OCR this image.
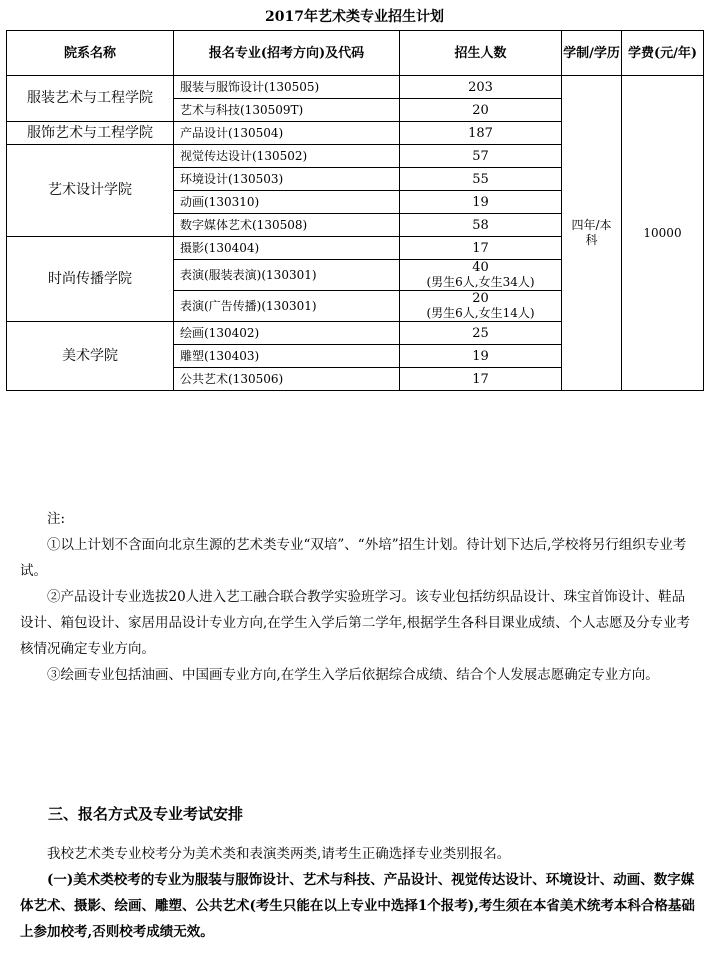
2017年艺术类专业招生计划
院系名称	报名专业(招考方向)及代码	招生人数	学制/学历	学费(元/年)
服装艺术与工程学院	服装与服饰设计(130505)	203	四年/本科	10000
	艺术与科技(130509T)	20		

服饰艺术与工程学院	产品设计(130504)	187		

艺术设计学院	视觉传达设计(130502)	57		

	环境设计(130503)	55		

	动画(130310)	19		

	数字媒体艺术(130508)	58		

时尚传播学院	摄影(130404)	17		

	表演(服装表演)(130301)	40
(男生6人,女生34人)		

	表演(广告传播)(130301)	20
(男生6人,女生14人)		

美术学院	绘画(130402)	25		

	雕塑(130403)	19		

	公共艺术(130506)	17		

注:

①以上计划不含面向北京生源的艺术类专业“双培”、“外培”招生计划。待计划下达后,学校将另行组织专业考试。

②产品设计专业选拔20人进入艺工融合联合教学实验班学习。该专业包括纺织品设计、珠宝首饰设计、鞋品设计、箱包设计、家居用品设计专业方向,在学生入学后第二学年,根据学生各科目课业成绩、个人志愿及分专业考核情况确定专业方向。

③绘画专业包括油画、中国画专业方向,在学生入学后依据综合成绩、结合个人发展志愿确定专业方向。

三、报名方式及专业考试安排

我校艺术类专业校考分为美术类和表演类两类,请考生正确选择专业类别报名。

(一)美术类校考的专业为服装与服饰设计、艺术与科技、产品设计、视觉传达设计、环境设计、动画、数字媒体艺术、摄影、绘画、雕塑、公共艺术(考生只能在以上专业中选择1个报考),考生须在本省美术统考本科合格基础上参加校考,否则校考成绩无效。
